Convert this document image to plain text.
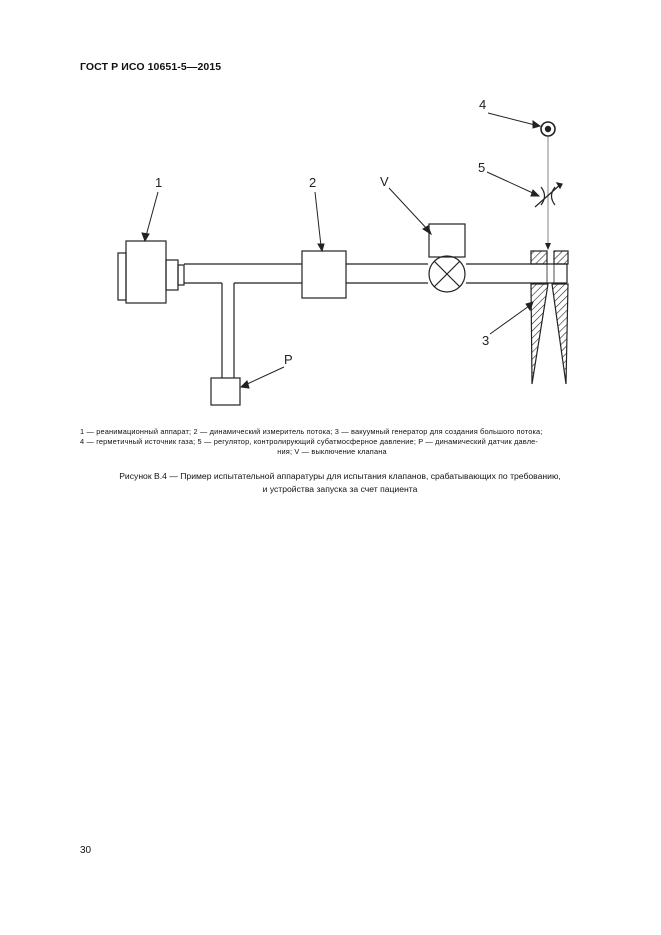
ГОСТ Р ИСО 10651-5—2015
1	2	V
4
5
3
P
1 — реанимационный аппарат; 2 — динамический измеритель потока; 3 — вакуумный генератор для создания большого потока;
4 — герметичный источник газа; 5 — регулятор, контролирующий субатмосферное давление; P — динамический датчик давле-
ния; V — выключение клапана
Рисунок В.4 — Пример испытательной аппаратуры для испытания клапанов, срабатывающих по требованию,
и устройства запуска за счет пациента
30
